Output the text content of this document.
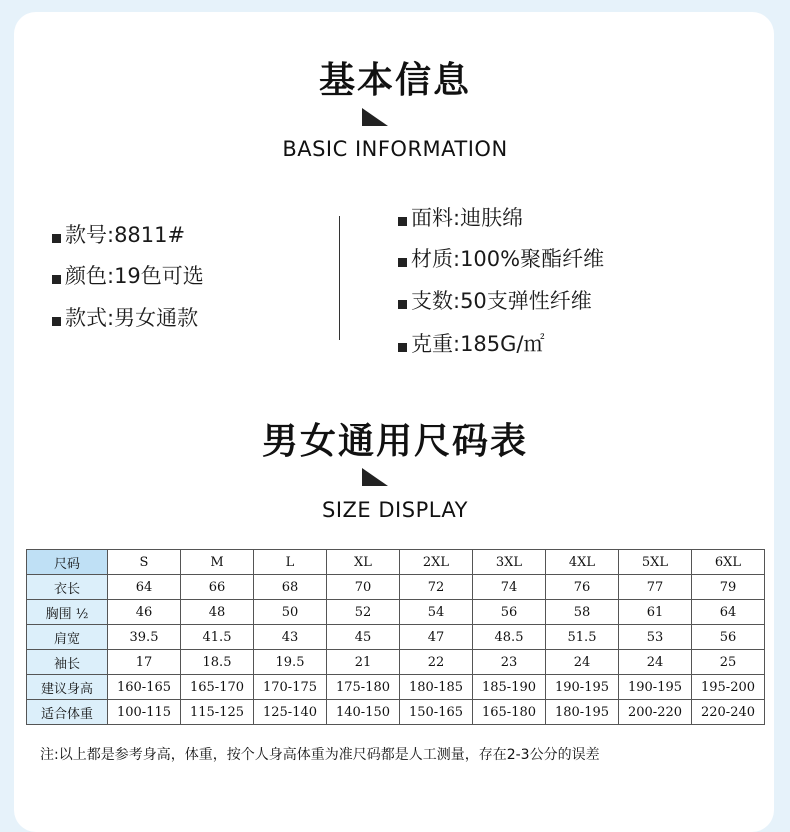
基本信息
BASIC INFORMATION
款号:8811#
颜色:19色可选
款式:男女通款
面料:迪肤绵
材质:100%聚酯纤维
支数:50支弹性纤维
克重:185G/㎡
男女通用尺码表
SIZE DISPLAY
尺码	S	M	L	XL	2XL	3XL	4XL	5XL	6XL
衣长	64	66	68	70	72	74	76	77	79
胸围 ½	46	48	50	52	54	56	58	61	64
肩宽	39.5	41.5	43	45	47	48.5	51.5	53	56
袖长	17	18.5	19.5	21	22	23	24	24	25
建议身高	160-165	165-170	170-175	175-180	180-185	185-190	190-195	190-195	195-200
适合体重	100-115	115-125	125-140	140-150	150-165	165-180	180-195	200-220	220-240
注:以上都是参考身高，体重，按个人身高体重为准尺码都是人工测量，存在2-3公分的误差
